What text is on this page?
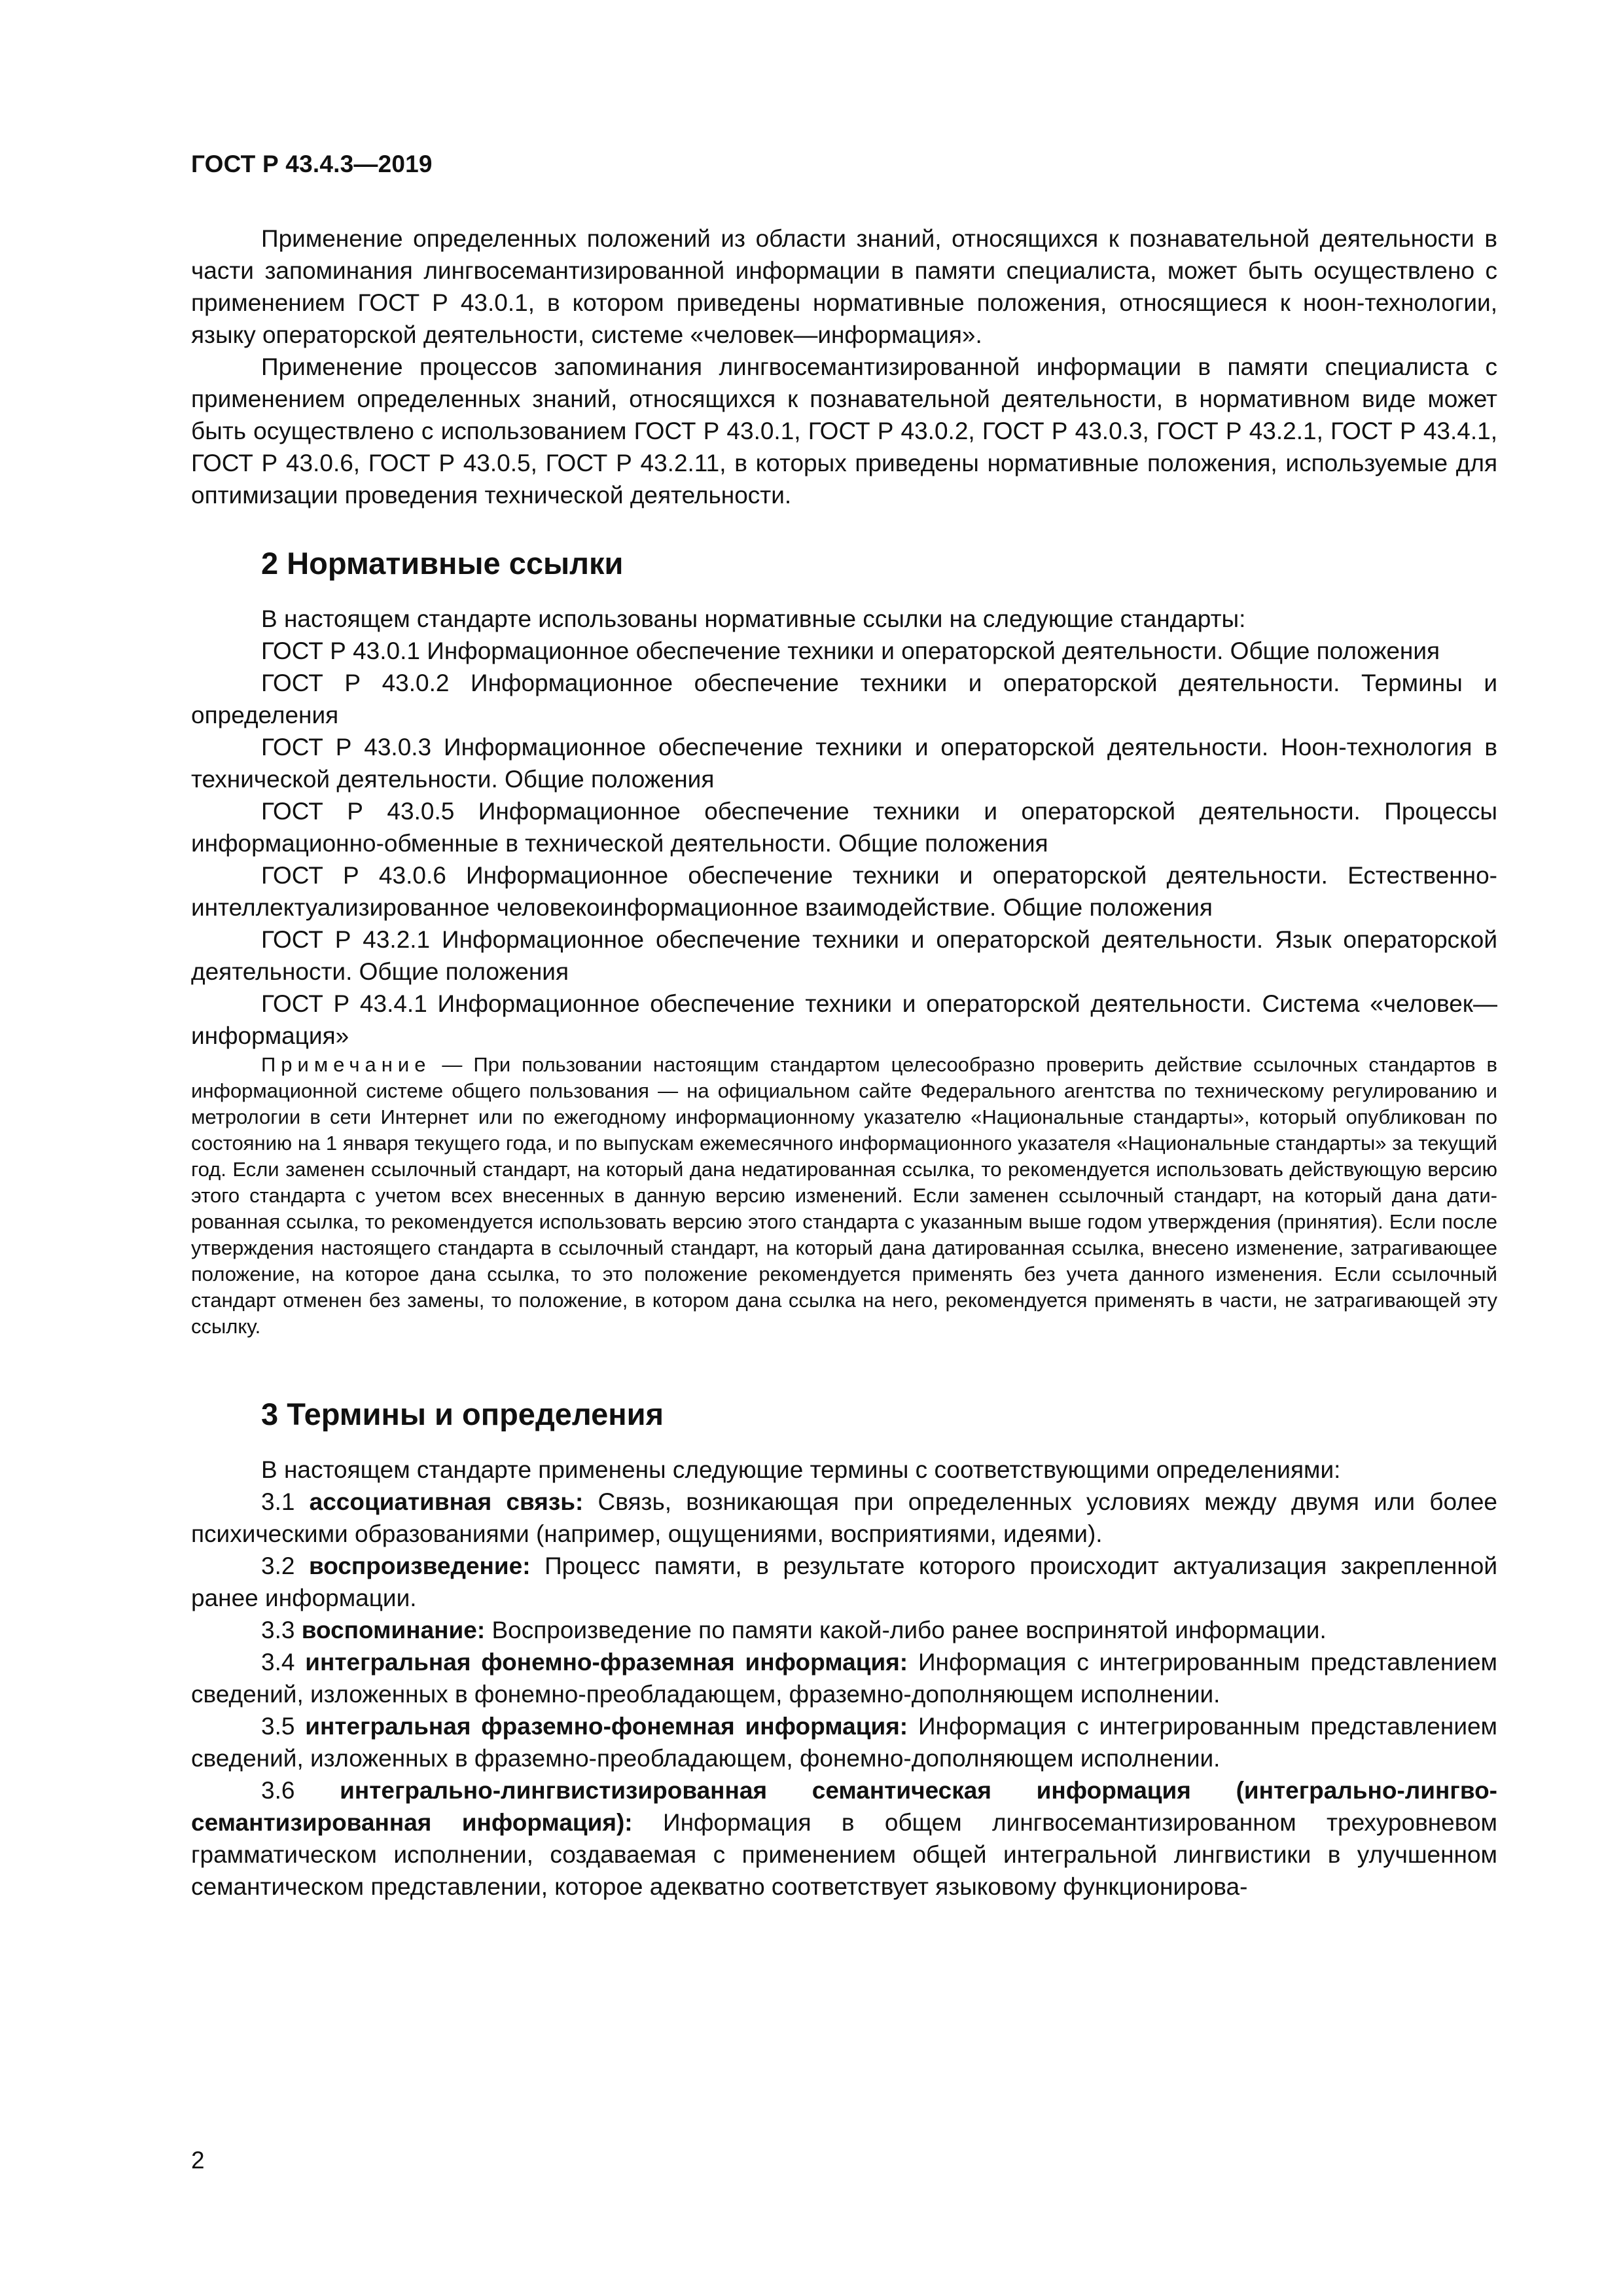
ГОСТ Р 43.4.3—2019

Применение определенных положений из области знаний, относящихся к познавательной деятельности в части запоминания лингвосемантизированной информации в памяти специалиста, может быть осуществлено с применением ГОСТ Р 43.0.1, в котором приведены нормативные положения, относящиеся к ноон-технологии, языку операторской деятельности, системе «человек—информация».

Применение процессов запоминания лингвосемантизированной информации в памяти специалиста с применением определенных знаний, относящихся к познавательной деятельности, в нормативном виде может быть осуществлено с использованием ГОСТ Р 43.0.1, ГОСТ Р 43.0.2, ГОСТ Р 43.0.3, ГОСТ Р 43.2.1, ГОСТ Р 43.4.1, ГОСТ Р 43.0.6, ГОСТ Р 43.0.5, ГОСТ Р 43.2.11, в которых приведены нормативные положения, используемые для оптимизации проведения технической деятельности.

2 Нормативные ссылки

В настоящем стандарте использованы нормативные ссылки на следующие стандарты:

ГОСТ Р 43.0.1 Информационное обеспечение техники и операторской деятельности. Общие положения

ГОСТ Р 43.0.2 Информационное обеспечение техники и операторской деятельности. Термины и определения

ГОСТ Р 43.0.3 Информационное обеспечение техники и операторской деятельности. Ноон-технология в технической деятельности. Общие положения

ГОСТ Р 43.0.5 Информационное обеспечение техники и операторской деятельности. Процессы информационно-обменные в технической деятельности. Общие положения

ГОСТ Р 43.0.6 Информационное обеспечение техники и операторской деятельности. Естественно-интеллектуализированное человекоинформационное взаимодействие. Общие положения

ГОСТ Р 43.2.1 Информационное обеспечение техники и операторской деятельности. Язык операторской деятельности. Общие положения

ГОСТ Р 43.4.1 Информационное обеспечение техники и операторской деятельности. Система «человек—информация»

Примечание — При пользовании настоящим стандартом целесообразно проверить действие ссылочных стандартов в информационной системе общего пользования — на официальном сайте Федерального агентства по техническому регулированию и метрологии в сети Интернет или по ежегодному информационному указателю «Национальные стандарты», который опубликован по состоянию на 1 января текущего года, и по выпускам ежемесячного информационного указателя «Национальные стандарты» за текущий год. Если заменен ссылочный стандарт, на который дана недатированная ссылка, то рекомендуется использовать действующую версию этого стандарта с учетом всех внесенных в данную версию изменений. Если заменен ссылочный стандарт, на который дана датированная ссылка, то рекомендуется использовать версию этого стандарта с указанным выше годом утверждения (принятия). Если после утверждения настоящего стандарта в ссылочный стандарт, на который дана датированная ссылка, внесено изменение, затрагивающее положение, на которое дана ссылка, то это положение рекомендуется применять без учета данного изменения. Если ссылочный стандарт отменен без замены, то положение, в котором дана ссылка на него, рекомендуется применять в части, не затрагивающей эту ссылку.

3 Термины и определения

В настоящем стандарте применены следующие термины с соответствующими определениями:

3.1 ассоциативная связь: Связь, возникающая при определенных условиях между двумя или более психическими образованиями (например, ощущениями, восприятиями, идеями).

3.2 воспроизведение: Процесс памяти, в результате которого происходит актуализация закрепленной ранее информации.

3.3 воспоминание: Воспроизведение по памяти какой-либо ранее воспринятой информации.

3.4 интегральная фонемно-фраземная информация: Информация с интегрированным представлением сведений, изложенных в фонемно-преобладающем, фраземно-дополняющем исполнении.

3.5 интегральная фраземно-фонемная информация: Информация с интегрированным представлением сведений, изложенных в фраземно-преобладающем, фонемно-дополняющем исполнении.

3.6 интегрально-лингвистизированная семантическая информация (интегрально-лингвосемантизированная информация): Информация в общем лингвосемантизированном трехуровневом грамматическом исполнении, создаваемая с применением общей интегральной лингвистики в улучшенном семантическом представлении, которое адекватно соответствует языковому функционирова-

2
